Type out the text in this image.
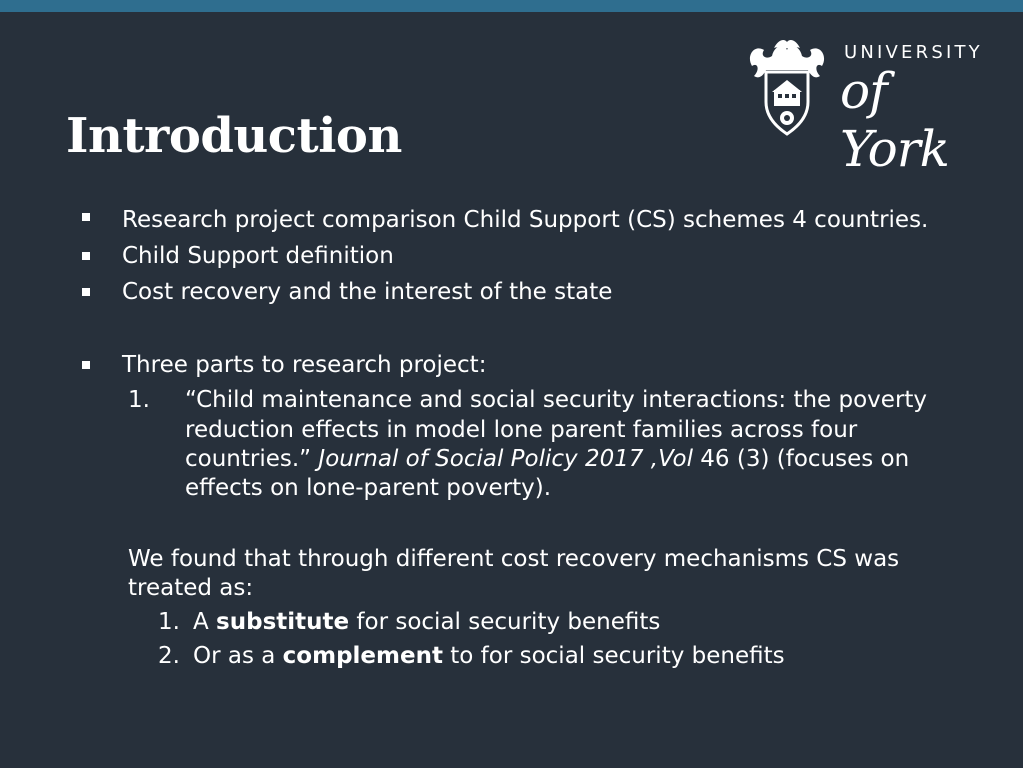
Introduction
UNIVERSITY
of York

Research project comparison Child Support (CS) schemes 4 countries.

Child Support definition

Cost recovery and the interest of the state

Three parts to research project:

1. “Child maintenance and social security interactions: the poverty

reduction effects in model lone parent families across four

countries.” Journal of Social Policy 2017 ,Vol 46 (3) (focuses on

effects on lone-parent poverty).

We found that through different cost recovery mechanisms CS was

treated as:

1. A substitute for social security benefits

2. Or as a complement to for social security benefits
